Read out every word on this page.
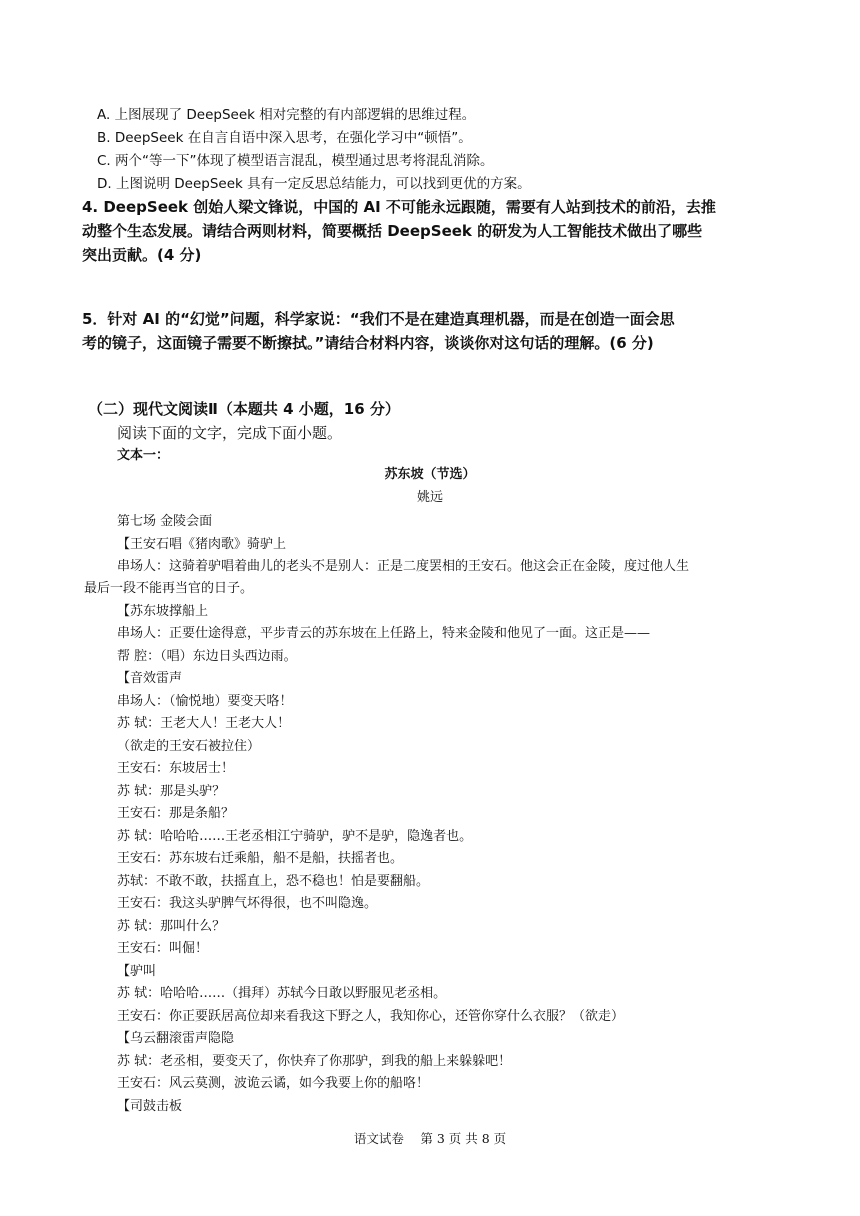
A. 上图展现了 DeepSeek 相对完整的有内部逻辑的思维过程。
B. DeepSeek 在自言自语中深入思考，在强化学习中“顿悟”。
C. 两个“等一下”体现了模型语言混乱，模型通过思考将混乱消除。
D. 上图说明 DeepSeek 具有一定反思总结能力，可以找到更优的方案。
4. DeepSeek 创始人梁文锋说，中国的 AI 不可能永远跟随，需要有人站到技术的前沿，去推
动整个生态发展。请结合两则材料，简要概括 DeepSeek 的研发为人工智能技术做出了哪些
突出贡献。(4 分)
5．针对 AI 的“幻觉”问题，科学家说：“我们不是在建造真理机器，而是在创造一面会思
考的镜子，这面镜子需要不断擦拭。”请结合材料内容，谈谈你对这句话的理解。(6 分)
（二）现代文阅读Ⅱ（本题共 4 小题，16 分）
阅读下面的文字，完成下面小题。
文本一：
苏东坡（节选）
姚远
第七场 金陵会面
【王安石唱《猪肉歌》骑驴上
串场人：这骑着驴唱着曲儿的老头不是别人：正是二度罢相的王安石。他这会正在金陵，度过他人生
最后一段不能再当官的日子。
【苏东坡撑船上
串场人：正要仕途得意，平步青云的苏东坡在上任路上，特来金陵和他见了一面。这正是——
帮 腔：（唱）东边日头西边雨。
【音效雷声
串场人：（愉悦地）要变天咯！
苏 轼：王老大人！王老大人！
（欲走的王安石被拉住）
王安石：东坡居士！
苏 轼：那是头驴？
王安石：那是条船？
苏 轼：哈哈哈……王老丞相江宁骑驴，驴不是驴，隐逸者也。
王安石：苏东坡右迁乘船，船不是船，扶摇者也。
苏轼：不敢不敢，扶摇直上，恐不稳也！怕是要翻船。
王安石：我这头驴脾气坏得很，也不叫隐逸。
苏 轼：那叫什么？
王安石：叫倔！
【驴叫
苏 轼：哈哈哈……（揖拜）苏轼今日敢以野服见老丞相。
王安石：你正要跃居高位却来看我这下野之人，我知你心，还管你穿什么衣服？（欲走）
【乌云翻滚雷声隐隐
苏 轼：老丞相，要变天了，你快弃了你那驴，到我的船上来躲躲吧！
王安石：风云莫测，波诡云谲，如今我要上你的船咯！
【司鼓击板
语文试卷　 第 3 页 共 8 页
